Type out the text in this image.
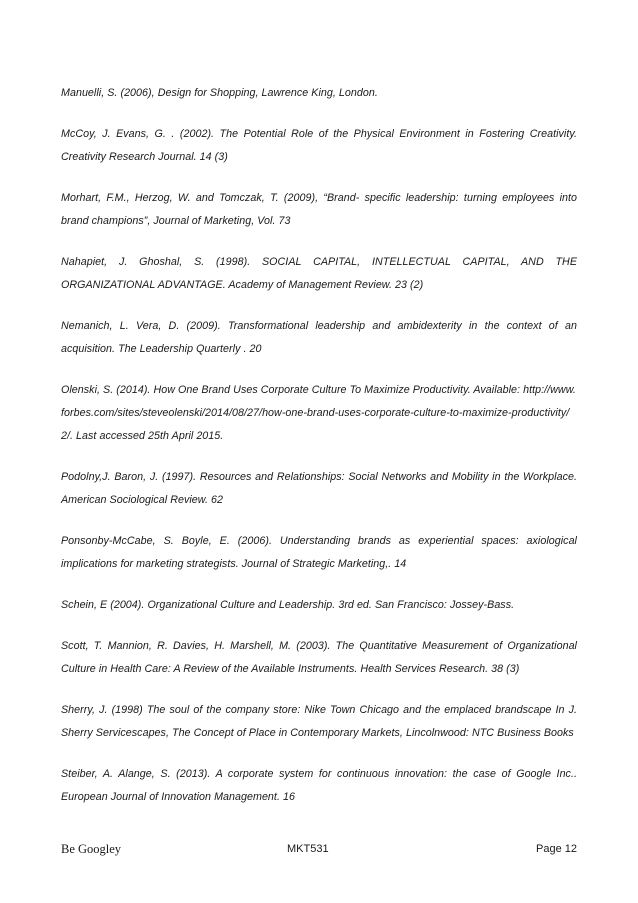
Manuelli, S. (2006), Design for Shopping, Lawrence King, London.

McCoy, J. Evans, G. . (2002). The Potential Role of the Physical Environment in Fostering Creativity. Creativity Research Journal. 14 (3)

Morhart, F.M., Herzog, W. and Tomczak, T. (2009), “Brand- specific leadership: turning employees into brand champions”, Journal of Marketing, Vol. 73

Nahapiet, J. Ghoshal, S. (1998). SOCIAL CAPITAL, INTELLECTUAL CAPITAL, AND THE ORGANIZATIONAL ADVANTAGE. Academy of Management Review. 23 (2)

Nemanich, L. Vera, D. (2009). Transformational leadership and ambidexterity in the context of an acquisition. The Leadership Quarterly . 20

Olenski, S. (2014). How One Brand Uses Corporate Culture To Maximize Productivity. Available: http://www.forbes.com/sites/steveolenski/2014/08/27/how-one-brand-uses-corporate-culture-to-maximize-productivity/2/. Last accessed 25th April 2015.

Podolny,J. Baron, J. (1997). Resources and Relationships: Social Networks and Mobility in the Workplace. American Sociological Review. 62

Ponsonby-McCabe, S. Boyle, E. (2006). Understanding brands as experiential spaces: axiological implications for marketing strategists. Journal of Strategic Marketing,. 14

Schein, E (2004). Organizational Culture and Leadership. 3rd ed. San Francisco: Jossey-Bass.

Scott, T. Mannion, R. Davies, H. Marshell, M. (2003). The Quantitative Measurement of Organizational Culture in Health Care: A Review of the Available Instruments. Health Services Research. 38 (3)

Sherry, J. (1998) The soul of the company store: Nike Town Chicago and the emplaced brandscape In J. Sherry Servicescapes, The Concept of Place in Contemporary Markets, Lincolnwood: NTC Business Books

Steiber, A. Alange, S. (2013). A corporate system for continuous innovation: the case of Google Inc.. European Journal of Innovation Management. 16

Be Googley	MKT531	Page 12
